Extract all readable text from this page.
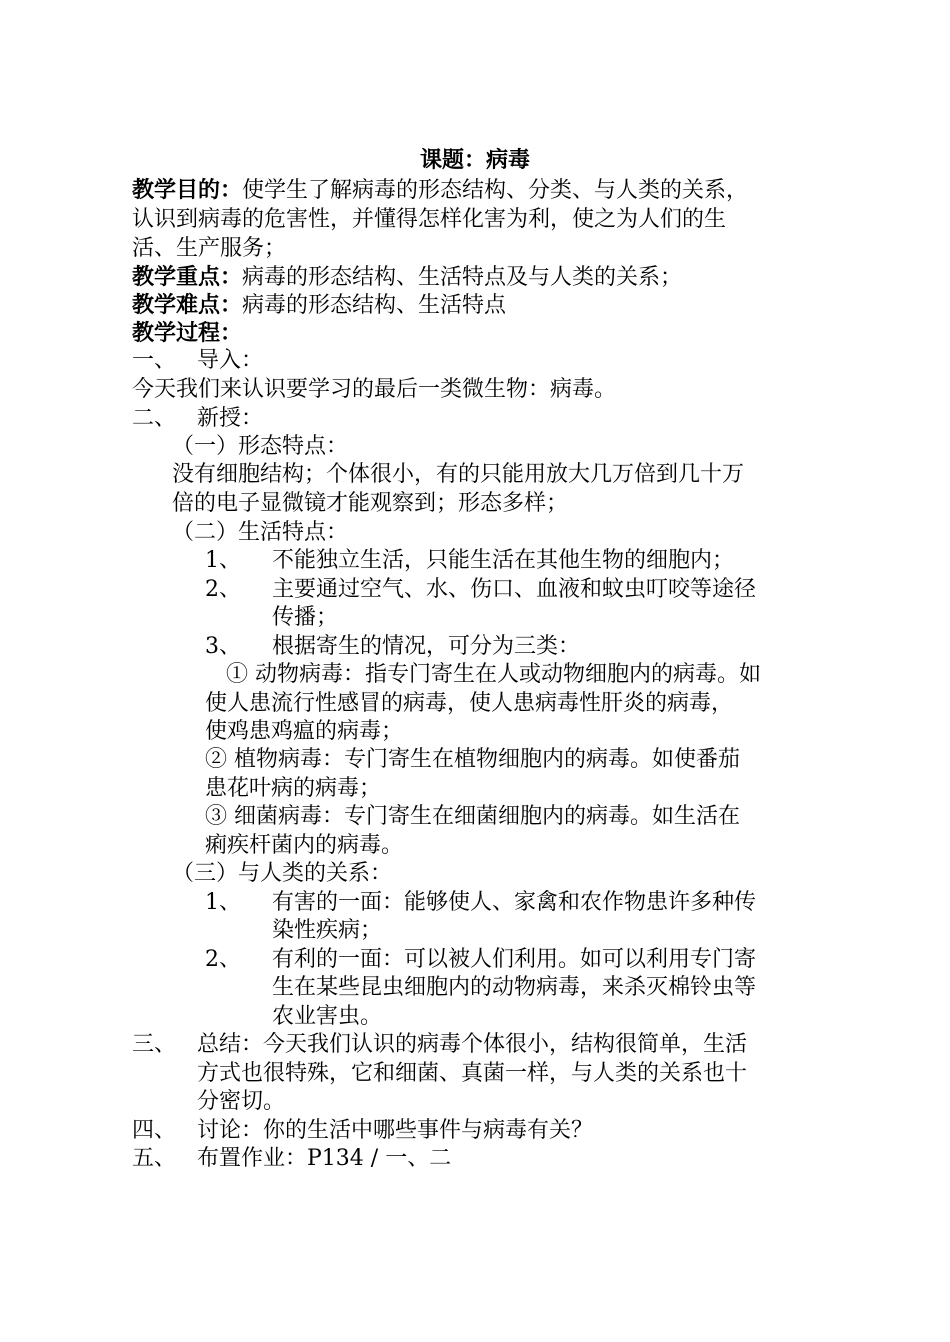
课题：病毒
教学目的：使学生了解病毒的形态结构、分类、与人类的关系，
认识到病毒的危害性，并懂得怎样化害为利，使之为人们的生
活、生产服务；
教学重点：病毒的形态结构、生活特点及与人类的关系；
教学难点：病毒的形态结构、生活特点
教学过程：
一、 导入：
今天我们来认识要学习的最后一类微生物：病毒。
二、 新授：
（一）形态特点：
没有细胞结构；个体很小，有的只能用放大几万倍到几十万
倍的电子显微镜才能观察到；形态多样；
（二）生活特点：
1、 不能独立生活，只能生活在其他生物的细胞内；
2、 主要通过空气、水、伤口、血液和蚊虫叮咬等途径
传播；
3、 根据寄生的情况，可分为三类：
① 动物病毒：指专门寄生在人或动物细胞内的病毒。如
使人患流行性感冒的病毒，使人患病毒性肝炎的病毒，
使鸡患鸡瘟的病毒；
② 植物病毒：专门寄生在植物细胞内的病毒。如使番茄
患花叶病的病毒；
③ 细菌病毒：专门寄生在细菌细胞内的病毒。如生活在
痢疾杆菌内的病毒。
（三）与人类的关系：
1、 有害的一面：能够使人、家禽和农作物患许多种传
染性疾病；
2、 有利的一面：可以被人们利用。如可以利用专门寄
生在某些昆虫细胞内的动物病毒，来杀灭棉铃虫等
农业害虫。
三、 总结：今天我们认识的病毒个体很小，结构很简单，生活
方式也很特殊，它和细菌、真菌一样，与人类的关系也十
分密切。
四、 讨论：你的生活中哪些事件与病毒有关？
五、 布置作业：P134 / 一、二
